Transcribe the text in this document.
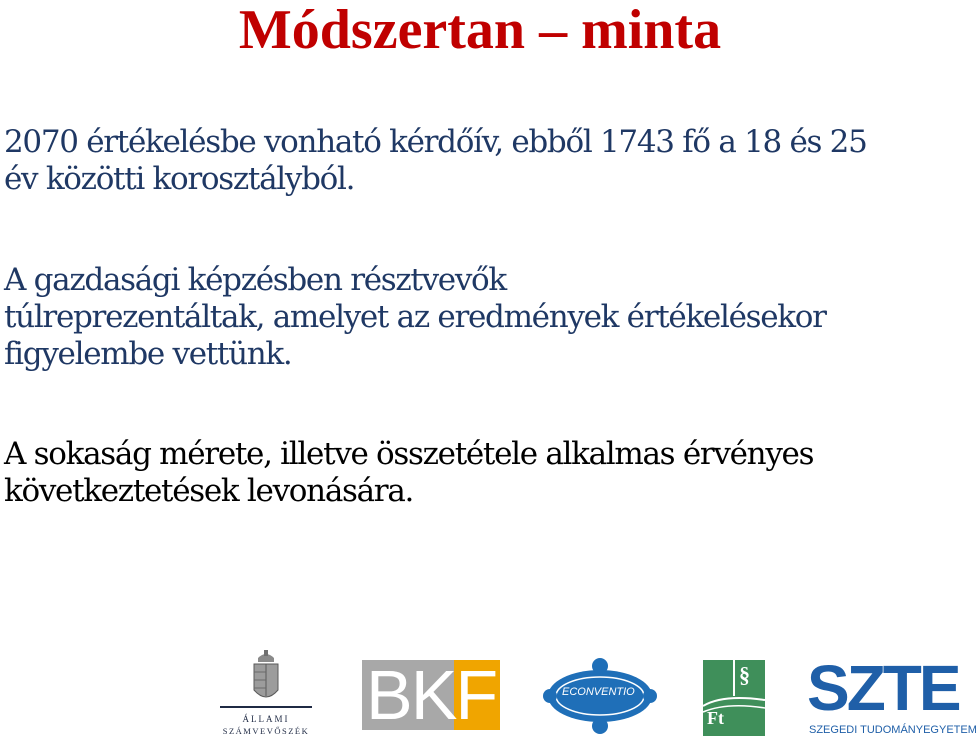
Módszertan – minta
2070 értékelésbe vonható kérdőív, ebből 1743 fő a 18 és 25
év közötti korosztályból.
A gazdasági képzésben résztvevők
túlreprezentáltak, amelyet az eredmények értékelésekor
figyelembe vettünk.
A sokaság mérete, illetve összetétele alkalmas érvényes
következtetések levonására.
ÁLLAMI
SZÁMVEVŐSZÉK BKF	ECONVENTIO
§
Ft SZTE
SZEGEDI TUDOMÁNYEGYETEM
